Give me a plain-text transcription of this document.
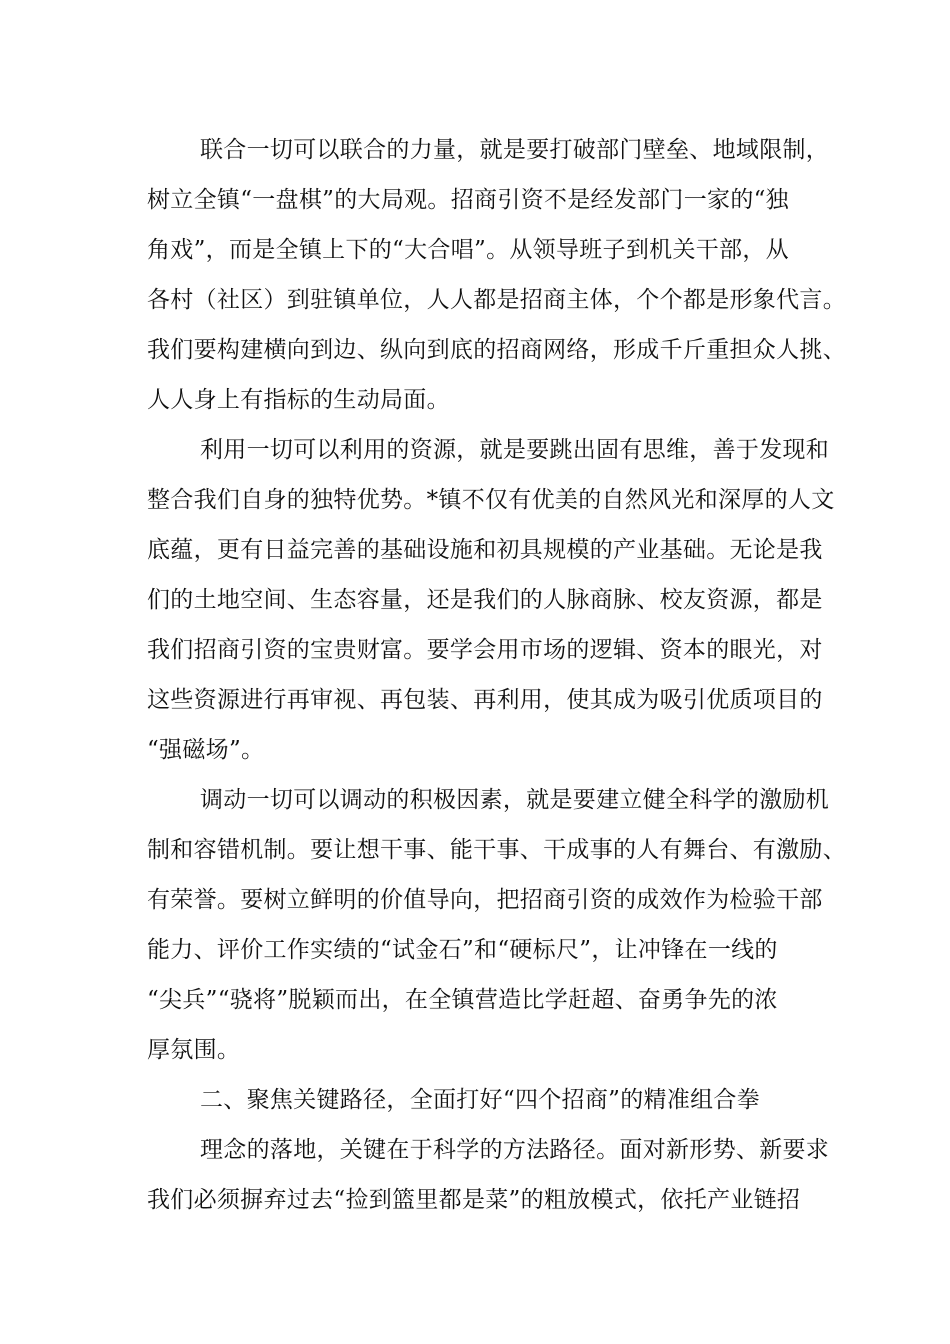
联合一切可以联合的力量，就是要打破部门壁垒、地域限制，
树立全镇“一盘棋”的大局观。招商引资不是经发部门一家的“独
角戏”，而是全镇上下的“大合唱”。从领导班子到机关干部，从
各村（社区）到驻镇单位，人人都是招商主体，个个都是形象代言。
我们要构建横向到边、纵向到底的招商网络，形成千斤重担众人挑、
人人身上有指标的生动局面。
利用一切可以利用的资源，就是要跳出固有思维，善于发现和
整合我们自身的独特优势。*镇不仅有优美的自然风光和深厚的人文
底蕴，更有日益完善的基础设施和初具规模的产业基础。无论是我
们的土地空间、生态容量，还是我们的人脉商脉、校友资源，都是
我们招商引资的宝贵财富。要学会用市场的逻辑、资本的眼光，对
这些资源进行再审视、再包装、再利用，使其成为吸引优质项目的
“强磁场”。
调动一切可以调动的积极因素，就是要建立健全科学的激励机
制和容错机制。要让想干事、能干事、干成事的人有舞台、有激励、
有荣誉。要树立鲜明的价值导向，把招商引资的成效作为检验干部
能力、评价工作实绩的“试金石”和“硬标尺”，让冲锋在一线的
“尖兵”“骁将”脱颖而出，在全镇营造比学赶超、奋勇争先的浓
厚氛围。
二、聚焦关键路径，全面打好“四个招商”的精准组合拳
理念的落地，关键在于科学的方法路径。面对新形势、新要求
我们必须摒弃过去“捡到篮里都是菜”的粗放模式，依托产业链招
